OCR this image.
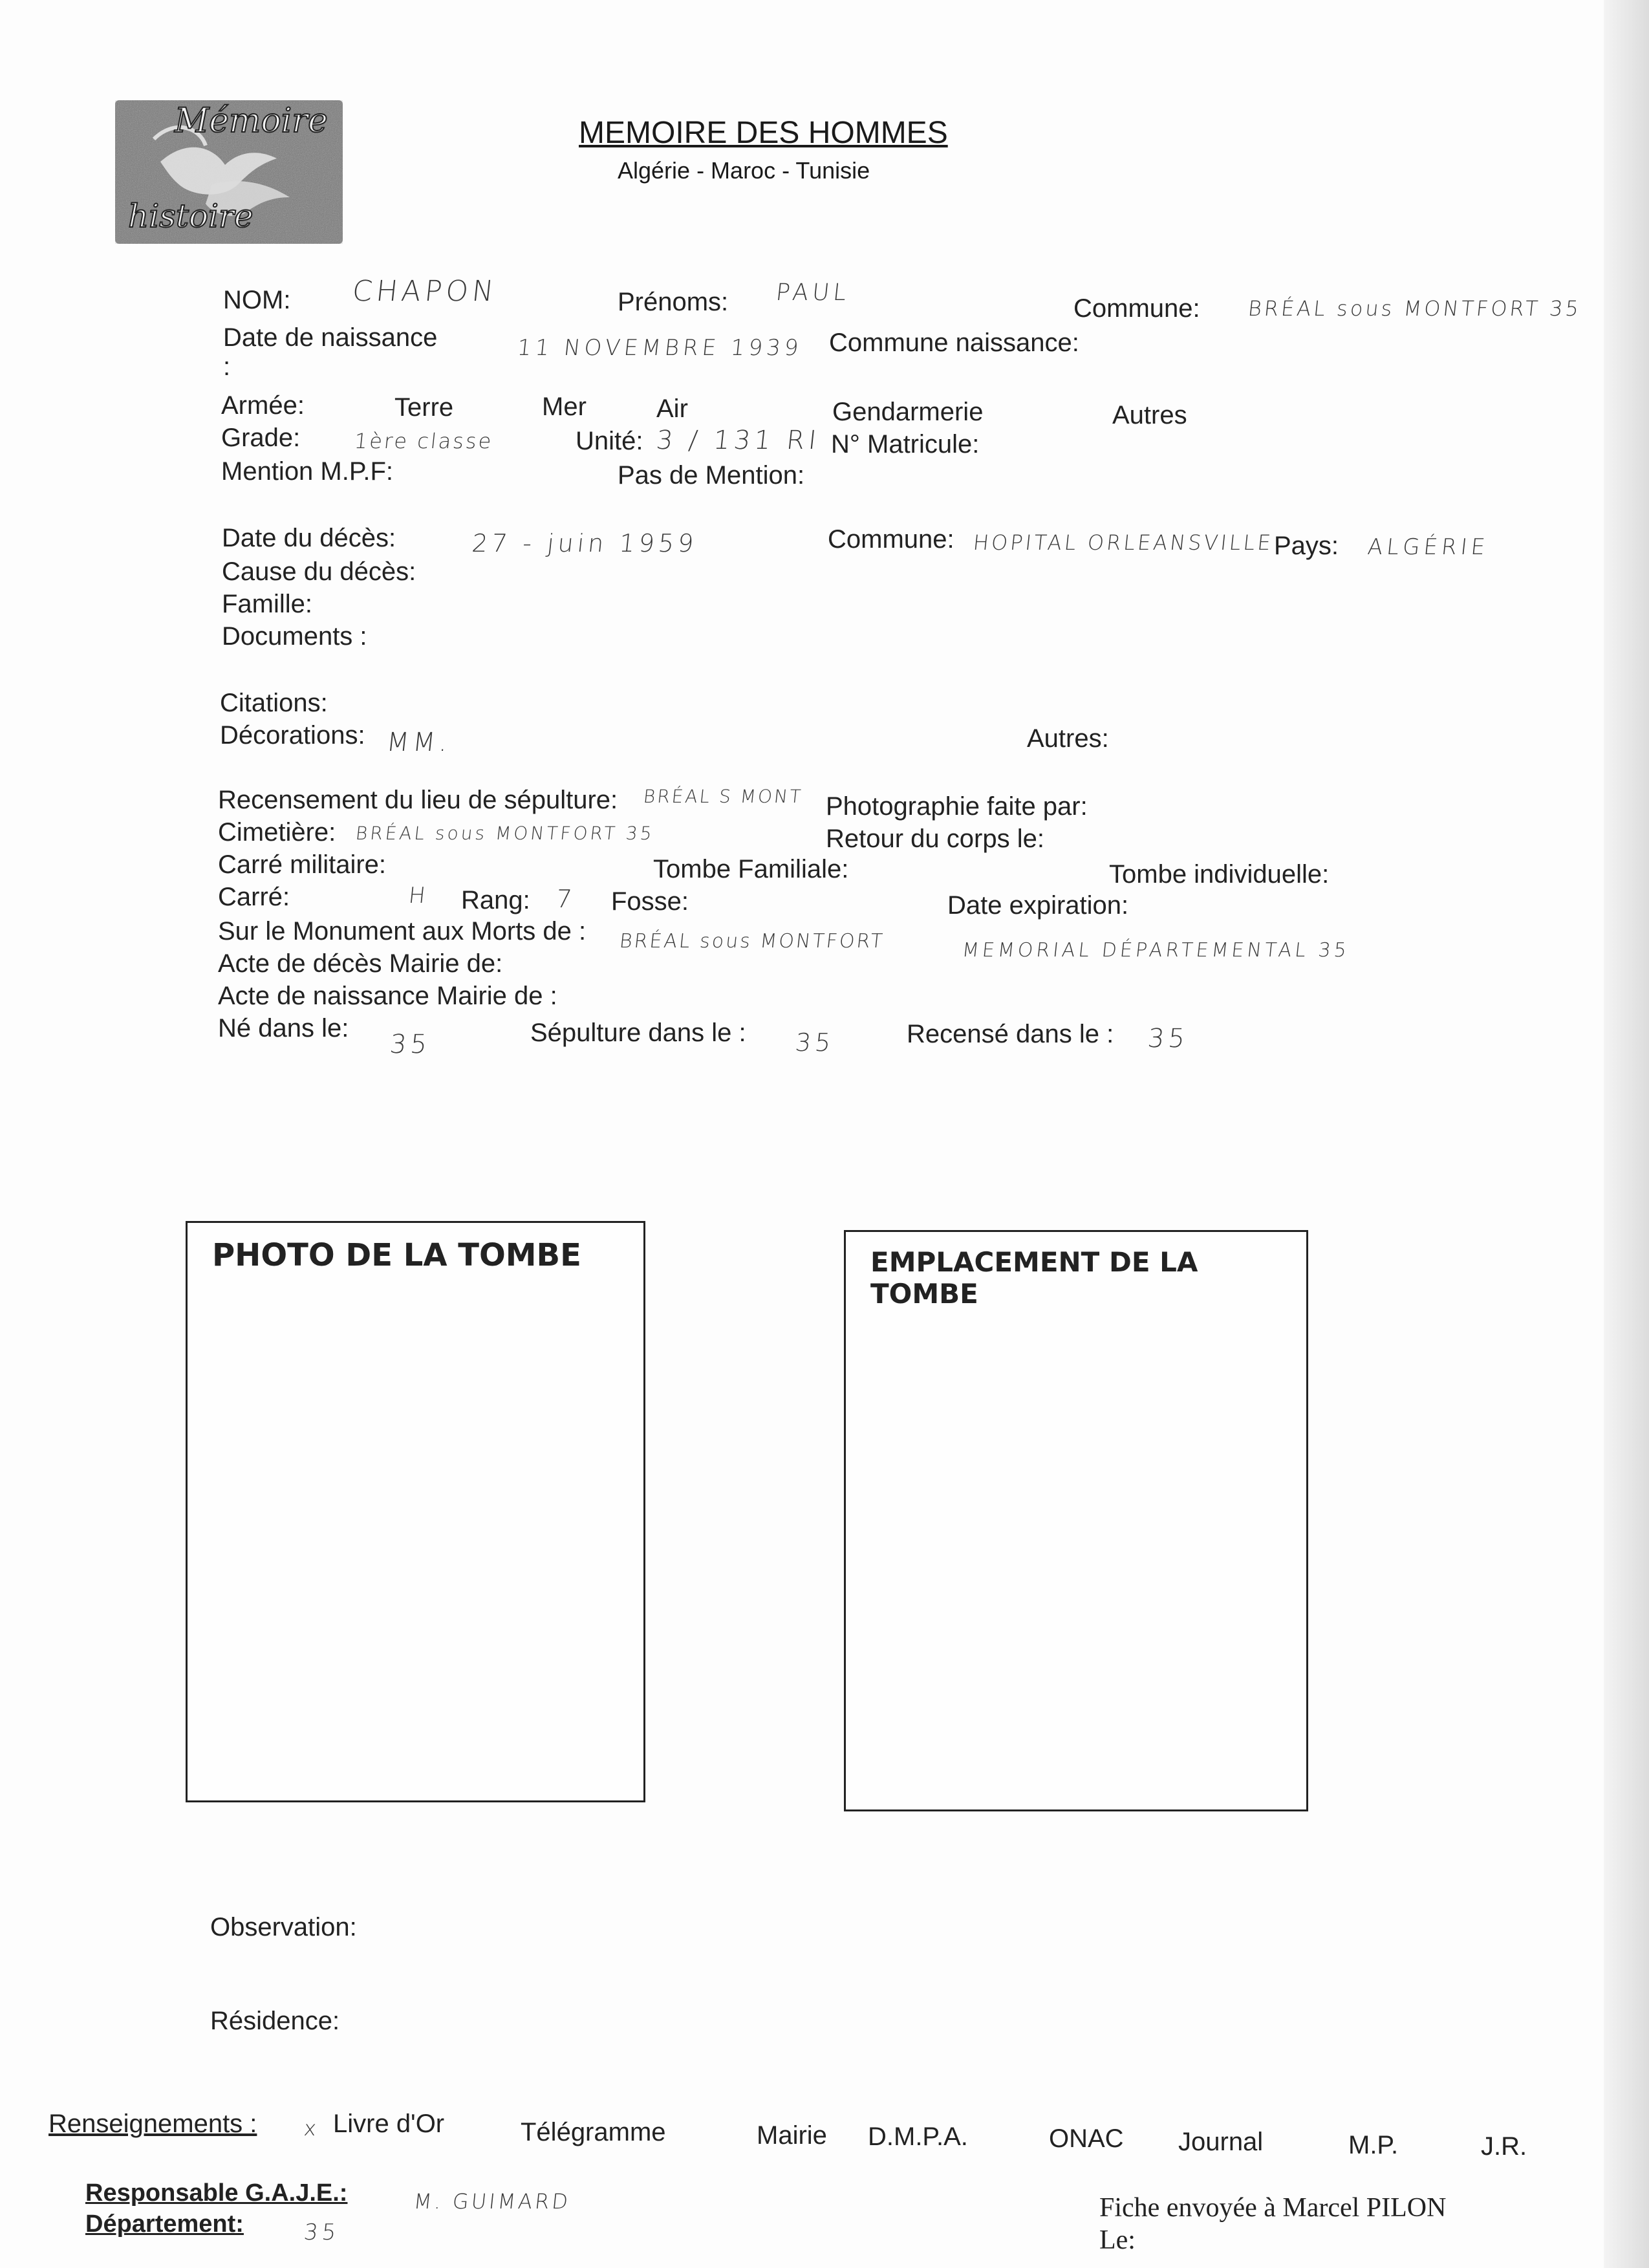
Mémoire
histoire
MEMOIRE DES HOMMES
Algérie - Maroc - Tunisie
NOM: CHAPON	Prénoms: PAUL
Commune: BRÉAL sous MONTFORT 35
Date de naissance
:
11 NOVEMBRE 1939 Commune naissance:
Armée:	Terre	Mer	Air	Gendarmerie	Autres
Grade:	1ère classe	Unité: 3 / 131 RI N° Matricule:
Mention M.P.F:	Pas de Mention:
Date du décès:	27 - juin 1959	Commune: HOPITAL ORLEANSVILLE Pays: ALGÉRIE
Cause du décès:
Famille:
Documents :
Citations:
Décorations: MM.	Autres:
Recensement du lieu de sépulture: BRÉAL S MONT Photographie faite par:
Cimetière: BRÉAL sous MONTFORT 35	Retour du corps le:
Carré militaire:	Tombe Familiale:	Tombe individuelle:
Carré:	H Rang: 7 Fosse:	Date expiration:
Sur le Monument aux Morts de : BRÉAL sous MONTFORT	MEMORIAL DÉPARTEMENTAL 35
Acte de décès Mairie de:
Acte de naissance Mairie de :
Né dans le:
35	Sépulture dans le : 35	Recensé dans le : 35
PHOTO DE LA TOMBE	EMPLACEMENT DE LA TOMBE
Observation:
Résidence:
Renseignements : x Livre d'Or	Télégramme	Mairie D.M.P.A.	ONAC Journal	M.P.	J.R.
Responsable G.A.J.E.:	M. GUIMARD
Département:	35
Fiche envoyée à Marcel PILON
Le:
